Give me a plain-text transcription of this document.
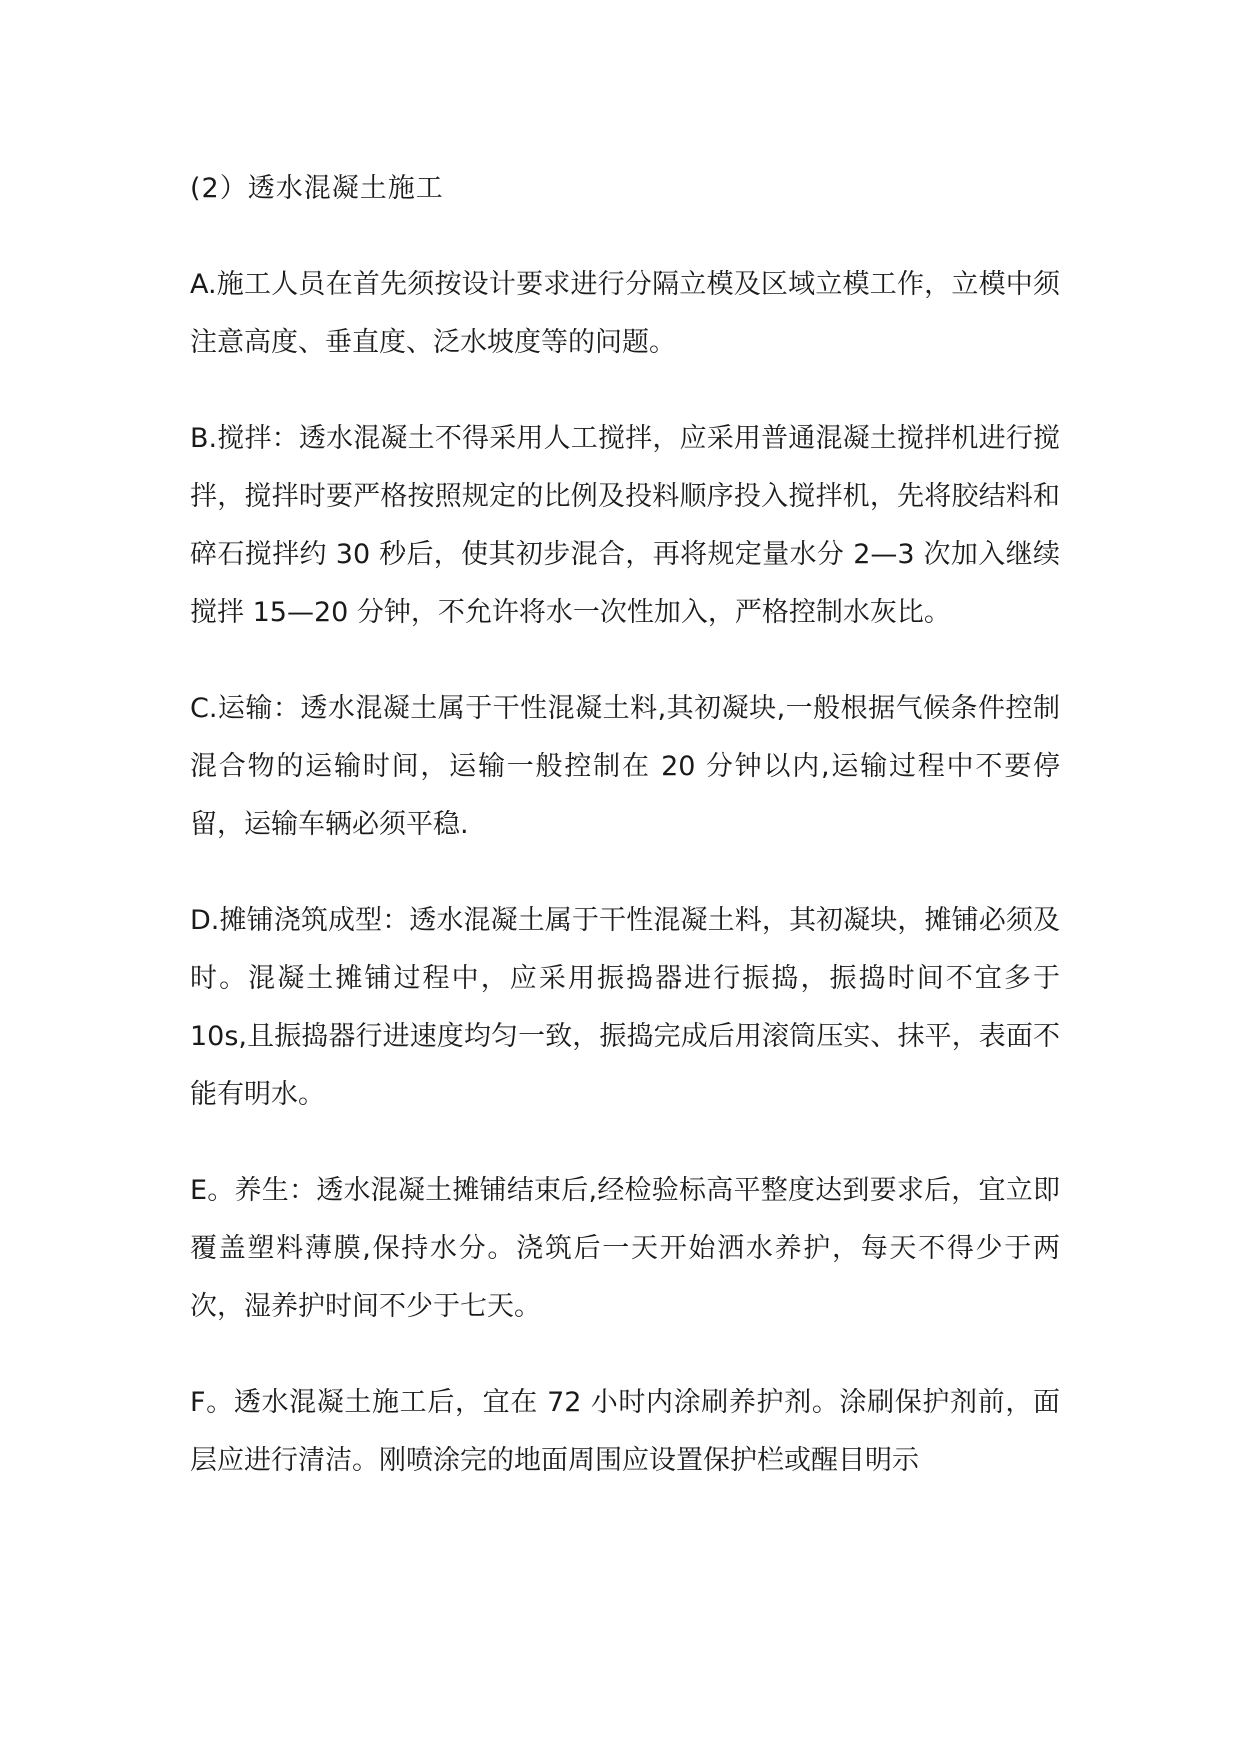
(2）透水混凝土施工

A.施工人员在首先须按设计要求进行分隔立模及区域立模工作，立模中须注意高度、垂直度、泛水坡度等的问题。

B.搅拌：透水混凝土不得采用人工搅拌，应采用普通混凝土搅拌机进行搅拌，搅拌时要严格按照规定的比例及投料顺序投入搅拌机，先将胶结料和碎石搅拌约 30 秒后，使其初步混合，再将规定量水分 2—3 次加入继续搅拌 15—20 分钟，不允许将水一次性加入，严格控制水灰比。

C.运输：透水混凝土属于干性混凝土料,其初凝块,一般根据气候条件控制混合物的运输时间，运输一般控制在 20 分钟以内,运输过程中不要停留，运输车辆必须平稳.

D.摊铺浇筑成型：透水混凝土属于干性混凝土料，其初凝块，摊铺必须及时。混凝土摊铺过程中，应采用振捣器进行振捣，振捣时间不宜多于 10s,且振捣器行进速度均匀一致，振捣完成后用滚筒压实、抹平，表面不能有明水。

E。养生：透水混凝土摊铺结束后,经检验标高平整度达到要求后，宜立即覆盖塑料薄膜,保持水分。浇筑后一天开始洒水养护，每天不得少于两次，湿养护时间不少于七天。

F。透水混凝土施工后，宜在 72 小时内涂刷养护剂。涂刷保护剂前，面层应进行清洁。刚喷涂完的地面周围应设置保护栏或醒目明示
